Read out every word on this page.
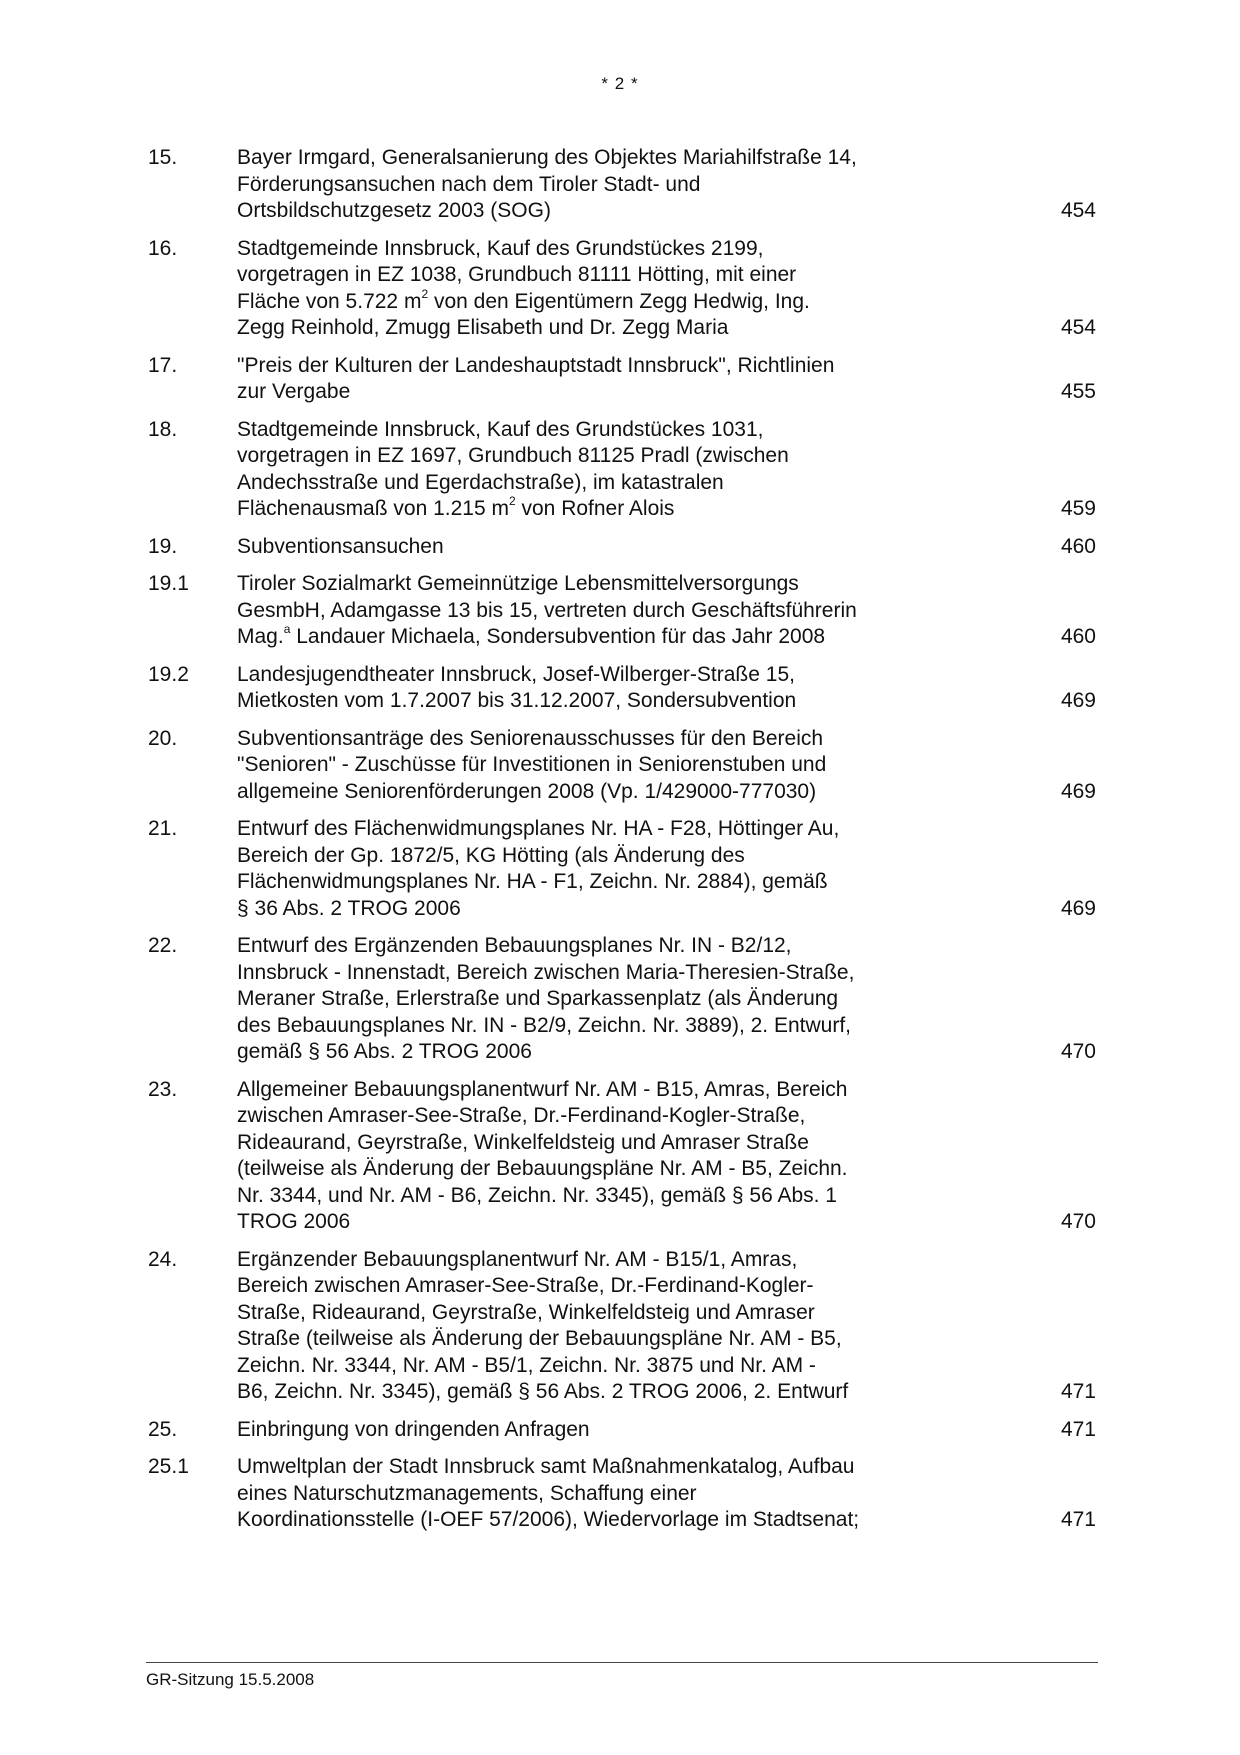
* 2 *
15.	Bayer Irmgard, Generalsanierung des Objektes Mariahilfstraße 14,
Förderungsansuchen nach dem Tiroler Stadt- und
Ortsbildschutzgesetz 2003 (SOG)	454
16.	Stadtgemeinde Innsbruck, Kauf des Grundstückes 2199,
vorgetragen in EZ 1038, Grundbuch 81111 Hötting, mit einer
Fläche von 5.722 $m^2$ von den Eigentümern Zegg Hedwig, Ing.
Zegg Reinhold, Zmugg Elisabeth und Dr. Zegg Maria	454
17.	"Preis der Kulturen der Landeshauptstadt Innsbruck", Richtlinien
zur Vergabe	455
18.	Stadtgemeinde Innsbruck, Kauf des Grundstückes 1031,
vorgetragen in EZ 1697, Grundbuch 81125 Pradl (zwischen
Andechsstraße und Egerdachstraße), im katastralen
Flächenausmaß von 1.215 $m^2$ von Rofner Alois	459
19.	Subventionsansuchen	460
19.1	Tiroler Sozialmarkt Gemeinnützige Lebensmittelversorgungs
GesmbH, Adamgasse 13 bis 15, vertreten durch Geschäftsführerin
Mag.$^a$ Landauer Michaela, Sondersubvention für das Jahr 2008	460
19.2	Landesjugendtheater Innsbruck, Josef-Wilberger-Straße 15,
Mietkosten vom 1.7.2007 bis 31.12.2007, Sondersubvention	469
20.	Subventionsanträge des Seniorenausschusses für den Bereich
"Senioren" - Zuschüsse für Investitionen in Seniorenstuben und
allgemeine Seniorenförderungen 2008 (Vp. 1/429000-777030)	469
21.	Entwurf des Flächenwidmungsplanes Nr. HA - F28, Höttinger Au,
Bereich der Gp. 1872/5, KG Hötting (als Änderung des
Flächenwidmungsplanes Nr. HA - F1, Zeichn. Nr. 2884), gemäß
§ 36 Abs. 2 TROG 2006	469
22.	Entwurf des Ergänzenden Bebauungsplanes Nr. IN - B2/12,
Innsbruck - Innenstadt, Bereich zwischen Maria-Theresien-Straße,
Meraner Straße, Erlerstraße und Sparkassenplatz (als Änderung
des Bebauungsplanes Nr. IN - B2/9, Zeichn. Nr. 3889), 2. Entwurf,
gemäß § 56 Abs. 2 TROG 2006	470
23.	Allgemeiner Bebauungsplanentwurf Nr. AM - B15, Amras, Bereich
zwischen Amraser-See-Straße, Dr.-Ferdinand-Kogler-Straße,
Rideaurand, Geyrstraße, Winkelfeldsteig und Amraser Straße
(teilweise als Änderung der Bebauungspläne Nr. AM - B5, Zeichn.
Nr. 3344, und Nr. AM - B6, Zeichn. Nr. 3345), gemäß § 56 Abs. 1
TROG 2006	470
24.	Ergänzender Bebauungsplanentwurf Nr. AM - B15/1, Amras,
Bereich zwischen Amraser-See-Straße, Dr.-Ferdinand-Kogler-
Straße, Rideaurand, Geyrstraße, Winkelfeldsteig und Amraser
Straße (teilweise als Änderung der Bebauungspläne Nr. AM - B5,
Zeichn. Nr. 3344, Nr. AM - B5/1, Zeichn. Nr. 3875 und Nr. AM -
B6, Zeichn. Nr. 3345), gemäß § 56 Abs. 2 TROG 2006, 2. Entwurf	471
25.	Einbringung von dringenden Anfragen	471
25.1	Umweltplan der Stadt Innsbruck samt Maßnahmenkatalog, Aufbau
eines Naturschutzmanagements, Schaffung einer
Koordinationsstelle (I-OEF 57/2006), Wiedervorlage im Stadtsenat;	471
GR-Sitzung 15.5.2008
